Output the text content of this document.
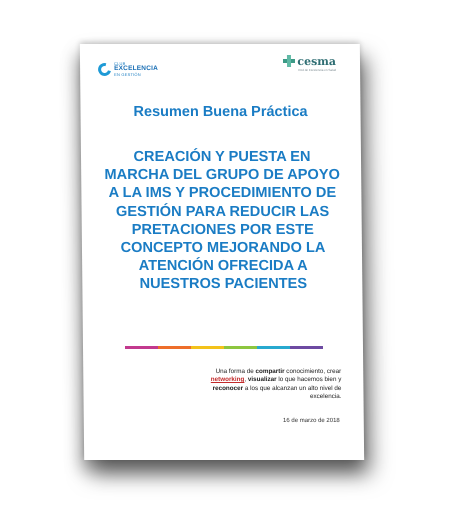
CLUB
EXCELENCIA
EN GESTIÓN
cesma
Red de Excelencia en Salud
Resumen Buena Práctica
CREACIÓN Y PUESTA EN MARCHA DEL GRUPO DE APOYO A LA IMS Y PROCEDIMIENTO DE GESTIÓN PARA REDUCIR LAS PRETACIONES POR ESTE CONCEPTO MEJORANDO LA ATENCIÓN OFRECIDA A NUESTROS PACIENTES
Una forma de compartir conocimiento, crear networking, visualizar lo que hacemos bien y reconocer a los que alcanzan un alto nivel de excelencia.
16 de marzo de 2018
